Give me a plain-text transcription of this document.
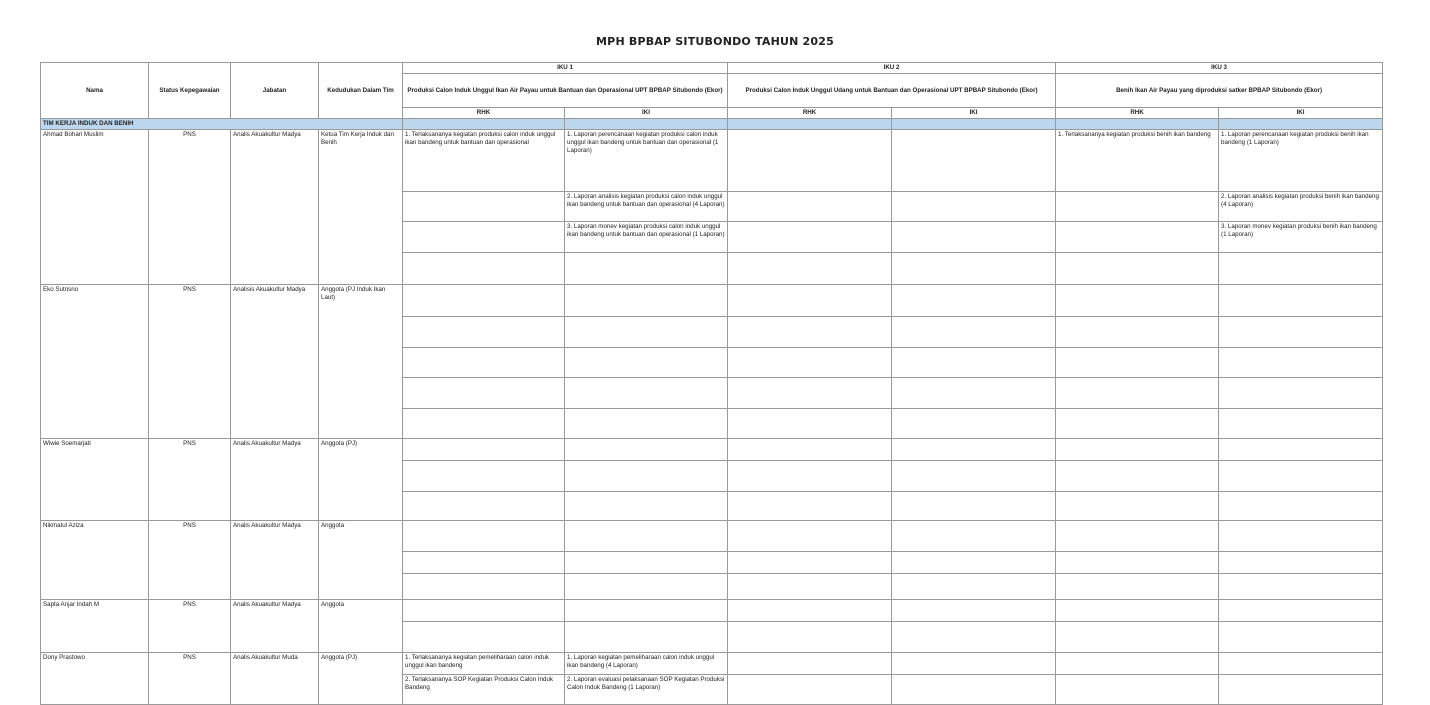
MPH BPBAP SITUBONDO TAHUN 2025
Nama	Status Kepegawaian	Jabatan	Kedudukan Dalam Tim	IKU 1		IKU 2		IKU 3	
				Produksi Calon Induk Unggul Ikan Air Payau untuk Bantuan dan Operasional UPT BPBAP Situbondo (Ekor)		Produksi Calon Induk Unggul Udang untuk Bantuan dan Operasional UPT BPBAP Situbondo (Ekor)		Benih Ikan Air Payau yang diproduksi satker BPBAP Situbondo (Ekor)	
				RHK	IKI	RHK	IKI	RHK	IKI
TIM KERJA INDUK DAN BENIH									
Ahmad Bohari Muslim	PNS	Analis Akuakultur Madya	Ketua Tim Kerja Induk dan Benih	1. Terlaksananya kegiatan produksi calon induk unggul ikan bandeng untuk bantuan dan operasional	1. Laporan perencanaan kegiatan produksi calon induk unggul ikan bandeng untuk bantuan dan operasional (1 Laporan)			1. Terlaksananya kegiatan produksi benih ikan bandeng	1. Laporan perencanaan kegiatan produksi benih ikan bandeng (1 Laporan)
					2. Laporan analisis kegiatan produksi calon induk unggul ikan bandeng untuk bantuan dan operasional (4 Laporan)				2. Laporan analisis kegiatan produksi benih ikan bandeng (4 Laporan)
					3. Laporan monev kegiatan produksi calon induk unggul ikan bandeng untuk bantuan dan operasional (1 Laporan)				3. Laporan monev kegiatan produksi benih ikan bandeng (1 Laporan)

Eko Sutrisno	PNS	Analisis Akuakultur Madya	Anggota (PJ Induk Ikan Laut)						

Wiwie Soemarjati	PNS	Analis Akuakultur Madya	Anggota (PJ)						

Nikmatul Aziza	PNS	Analis Akuakultur Madya	Anggota						

Sapta Anjar Indah M	PNS	Analis Akuakultur Madya	Anggota						

Dony Prastowo	PNS	Analis Akuakultur Muda	Anggota (PJ)	1. Terlaksananya kegiatan pemeliharaan calon induk unggul ikan bandeng	1. Laporan kegiatan pemeliharaan calon induk unggul ikan bandeng (4 Laporan)				
				2. Terlaksananya SOP Kegiatan Produksi Calon Induk Bandeng	2. Laporan evaluasi pelaksanaan SOP Kegiatan Produksi Calon Induk Bandeng (1 Laporan)				
